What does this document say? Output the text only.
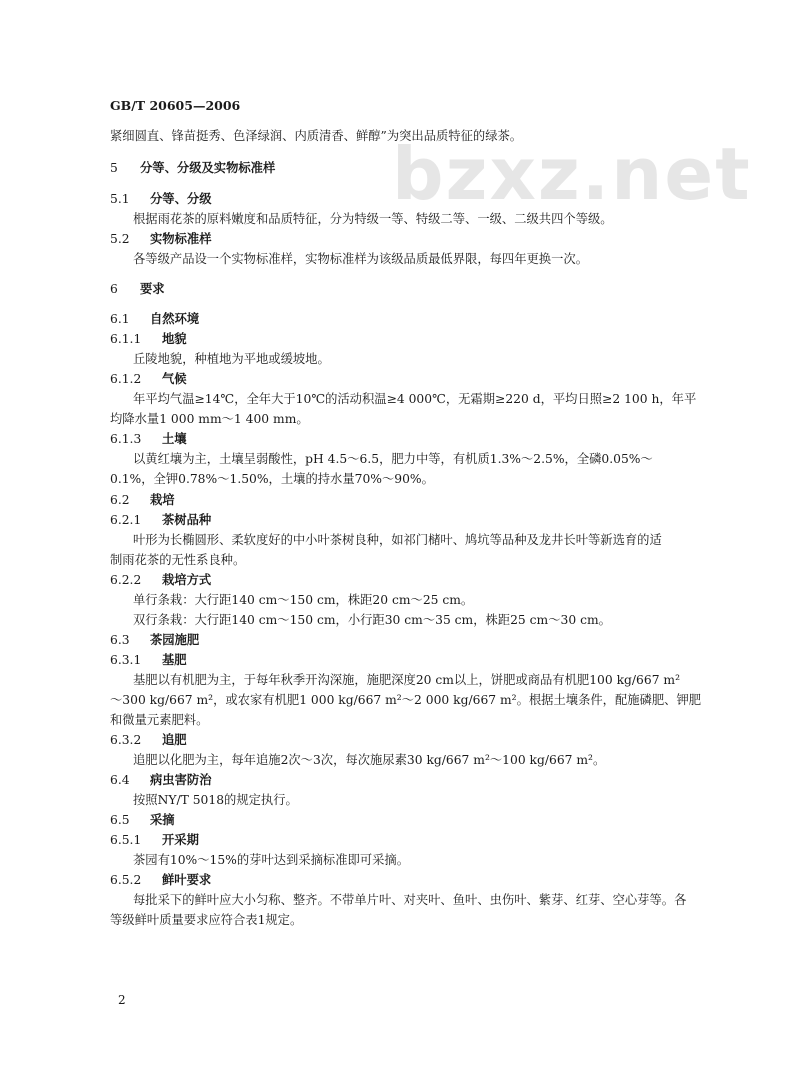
bzxz.net
GB/T 20605—2006
紧细圆直、锋苗挺秀、色泽绿润、内质清香、鲜醇”为突出品质特征的绿茶。
5 分等、分级及实物标准样
5.1 分等、分级
根据雨花茶的原料嫩度和品质特征，分为特级一等、特级二等、一级、二级共四个等级。
5.2 实物标准样
各等级产品设一个实物标准样，实物标准样为该级品质最低界限，每四年更换一次。
6 要求
6.1 自然环境
6.1.1 地貌
丘陵地貌，种植地为平地或缓坡地。
6.1.2 气候
年平均气温≥14℃，全年大于10℃的活动积温≥4 000℃，无霜期≥220 d，平均日照≥2 100 h，年平
均降水量1 000 mm～1 400 mm。
6.1.3 土壤
以黄红壤为主，土壤呈弱酸性，pH 4.5～6.5，肥力中等，有机质1.3%～2.5%，全磷0.05%～
0.1%，全钾0.78%～1.50%，土壤的持水量70%～90%。
6.2 栽培
6.2.1 茶树品种
叶形为长椭圆形、柔软度好的中小叶茶树良种，如祁门槠叶、鸠坑等品种及龙井长叶等新选育的适
制雨花茶的无性系良种。
6.2.2 栽培方式
单行条栽：大行距140 cm～150 cm，株距20 cm～25 cm。
双行条栽：大行距140 cm～150 cm，小行距30 cm～35 cm，株距25 cm～30 cm。
6.3 茶园施肥
6.3.1 基肥
基肥以有机肥为主，于每年秋季开沟深施，施肥深度20 cm以上，饼肥或商品有机肥100 kg/667 m²
～300 kg/667 m²，或农家有机肥1 000 kg/667 m²～2 000 kg/667 m²。根据土壤条件，配施磷肥、钾肥
和微量元素肥料。
6.3.2 追肥
追肥以化肥为主，每年追施2次～3次，每次施尿素30 kg/667 m²～100 kg/667 m²。
6.4 病虫害防治
按照NY/T 5018的规定执行。
6.5 采摘
6.5.1 开采期
茶园有10%～15%的芽叶达到采摘标准即可采摘。
6.5.2 鲜叶要求
每批采下的鲜叶应大小匀称、整齐。不带单片叶、对夹叶、鱼叶、虫伤叶、紫芽、红芽、空心芽等。各
等级鲜叶质量要求应符合表1规定。
2
